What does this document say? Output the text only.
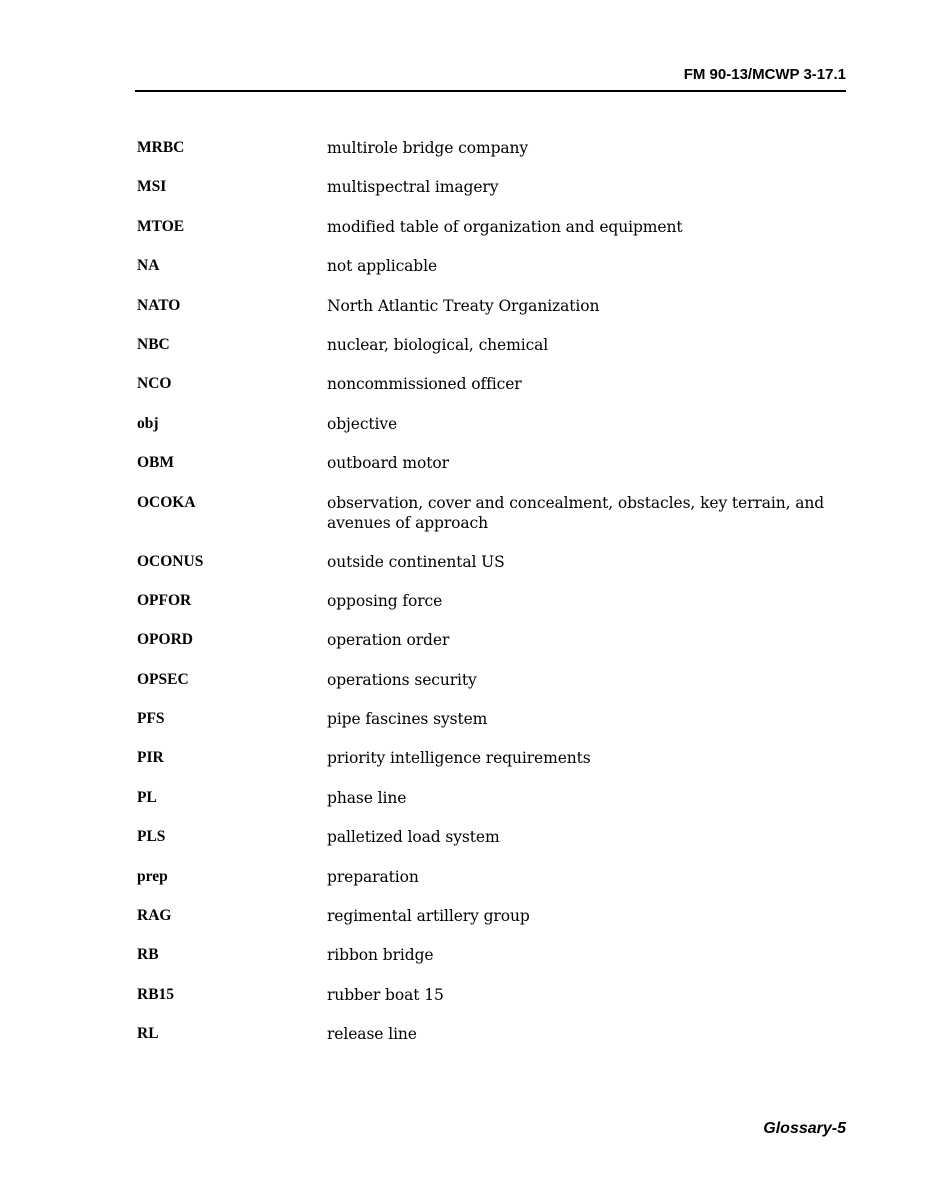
FM 90-13/MCWP 3-17.1
MRBC	multirole bridge company
MSI	multispectral imagery
MTOE	modified table of organization and equipment
NA	not applicable
NATO	North Atlantic Treaty Organization
NBC	nuclear, biological, chemical
NCO	noncommissioned officer
obj	objective
OBM	outboard motor
OCOKA	observation, cover and concealment, obstacles, key terrain, and avenues of approach
OCONUS	outside continental US
OPFOR	opposing force
OPORD	operation order
OPSEC	operations security
PFS	pipe fascines system
PIR	priority intelligence requirements
PL	phase line
PLS	palletized load system
prep	preparation
RAG	regimental artillery group
RB	ribbon bridge
RB15	rubber boat 15
RL	release line
Glossary-5
